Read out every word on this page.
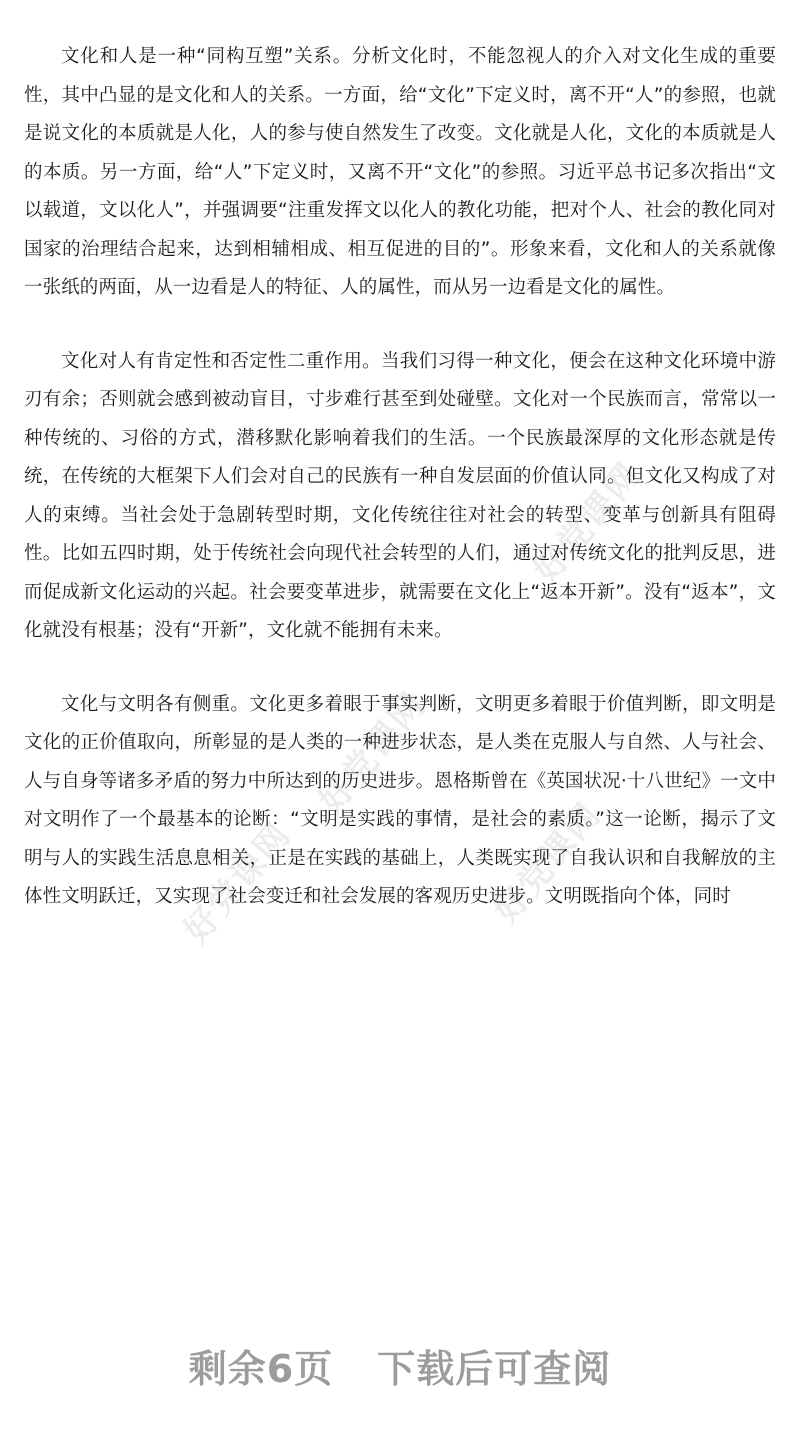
好党课网
好党课网
好党课网
好党课网

文化和人是一种“同构互塑”关系。分析文化时，不能忽视人的介入对文化生成的重要性，其中凸显的是文化和人的关系。一方面，给“文化”下定义时，离不开“人”的参照，也就是说文化的本质就是人化，人的参与使自然发生了改变。文化就是人化，文化的本质就是人的本质。另一方面，给“人”下定义时，又离不开“文化”的参照。习近平总书记多次指出“文以载道，文以化人”，并强调要“注重发挥文以化人的教化功能，把对个人、社会的教化同对国家的治理结合起来，达到相辅相成、相互促进的目的”。形象来看，文化和人的关系就像一张纸的两面，从一边看是人的特征、人的属性，而从另一边看是文化的属性。

文化对人有肯定性和否定性二重作用。当我们习得一种文化，便会在这种文化环境中游刃有余；否则就会感到被动盲目，寸步难行甚至到处碰壁。文化对一个民族而言，常常以一种传统的、习俗的方式，潜移默化影响着我们的生活。一个民族最深厚的文化形态就是传统，在传统的大框架下人们会对自己的民族有一种自发层面的价值认同。但文化又构成了对人的束缚。当社会处于急剧转型时期，文化传统往往对社会的转型、变革与创新具有阻碍性。比如五四时期，处于传统社会向现代社会转型的人们，通过对传统文化的批判反思，进而促成新文化运动的兴起。社会要变革进步，就需要在文化上“返本开新”。没有“返本”，文化就没有根基；没有“开新”，文化就不能拥有未来。

文化与文明各有侧重。文化更多着眼于事实判断，文明更多着眼于价值判断，即文明是文化的正价值取向，所彰显的是人类的一种进步状态，是人类在克服人与自然、人与社会、人与自身等诸多矛盾的努力中所达到的历史进步。恩格斯曾在《英国状况·十八世纪》一文中对文明作了一个最基本的论断：“文明是实践的事情，是社会的素质。”这一论断，揭示了文明与人的实践生活息息相关，正是在实践的基础上，人类既实现了自我认识和自我解放的主体性文明跃迁，又实现了社会变迁和社会发展的客观历史进步。文明既指向个体，同时

剩余6页 下载后可查阅
